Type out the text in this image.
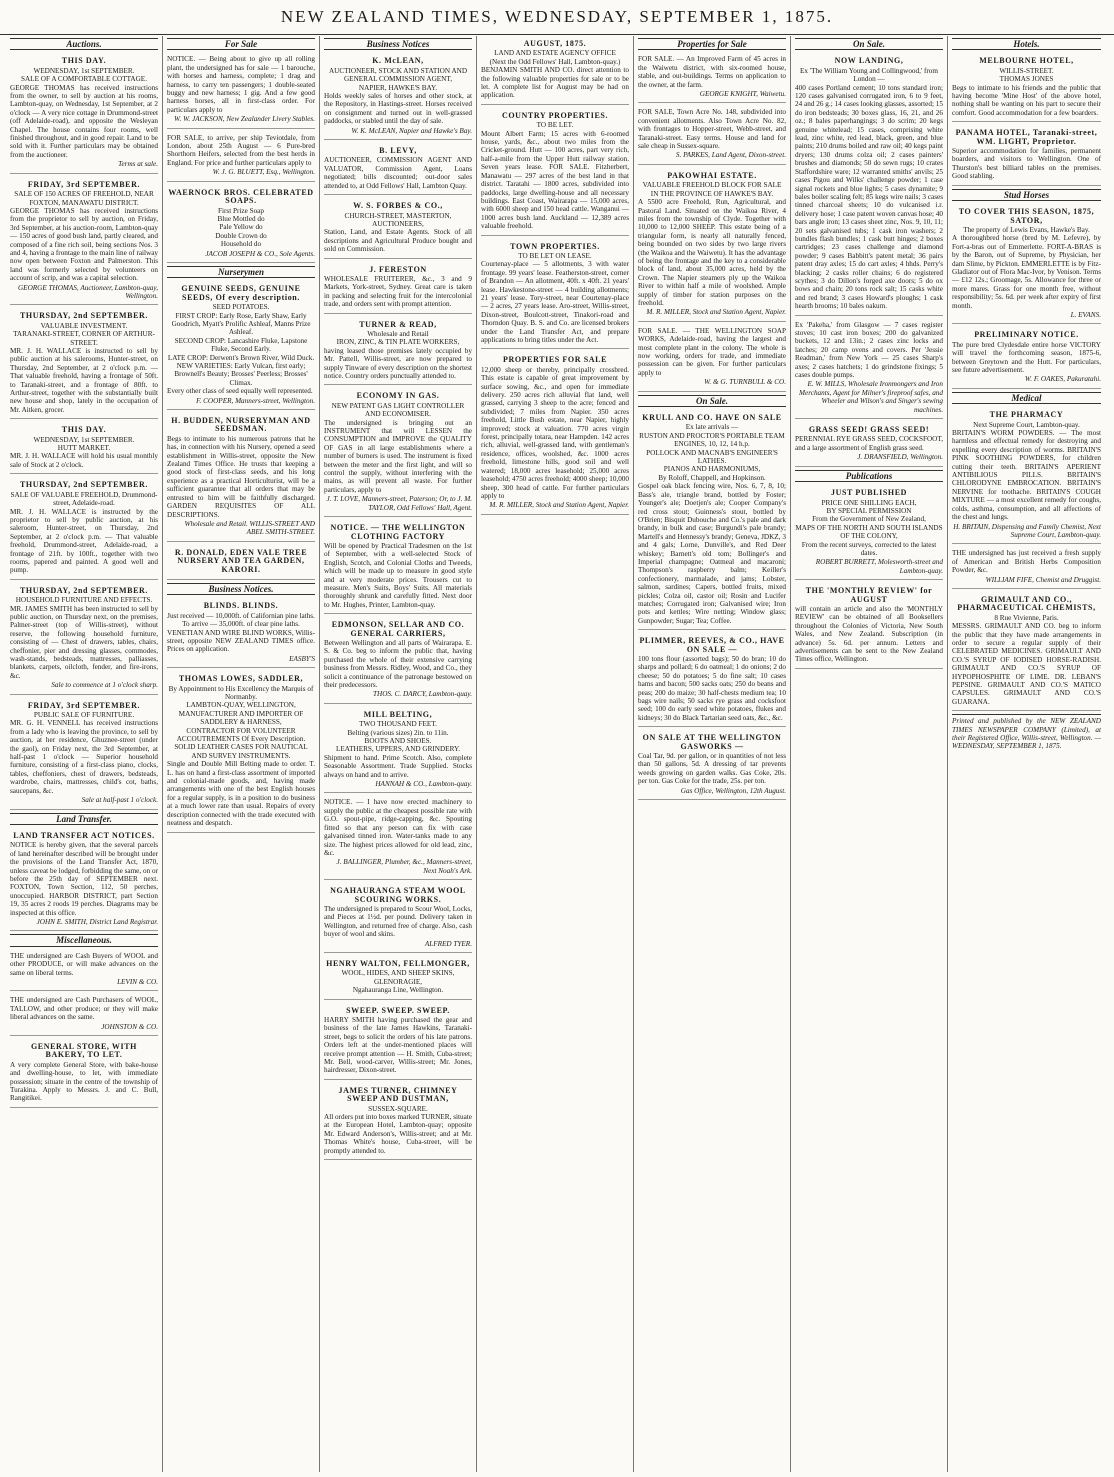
NEW ZEALAND TIMES, WEDNESDAY, SEPTEMBER 1, 1875.
Auctions.
THIS DAY.
WEDNESDAY, 1st SEPTEMBER.
SALE OF A COMFORTABLE COTTAGE.
GEORGE THOMAS has received instructions from the owner, to sell by auction at his rooms, Lambton-quay, on Wednesday, 1st September, at 2 o'clock — A very nice cottage in Drummond-street (off Adelaide-road), and opposite the Wesleyan Chapel. The house contains four rooms, well finished throughout, and in good repair. Land to be sold with it. Further particulars may be obtained from the auctioneer.
Terms at sale.
FRIDAY, 3rd SEPTEMBER.
SALE OF 150 ACRES OF FREEHOLD, NEAR FOXTON, MANAWATU DISTRICT.
GEORGE THOMAS has received instructions from the proprietor to sell by auction, on Friday, 3rd September, at his auction-room, Lambton-quay — 150 acres of good bush land, partly cleared, and composed of a fine rich soil, being sections Nos. 3 and 4, having a frontage to the main line of railway now open between Foxton and Palmerston. This land was formerly selected by volunteers on account of scrip, and was a capital selection.
GEORGE THOMAS, Auctioneer, Lambton-quay, Wellington.
THURSDAY, 2nd SEPTEMBER.
VALUABLE INVESTMENT.
TARANAKI-STREET, CORNER OF ARTHUR-STREET.
MR. J. H. WALLACE is instructed to sell by public auction at his salerooms, Hunter-street, on Thursday, 2nd September, at 2 o'clock p.m. — That valuable freehold, having a frontage of 50ft. to Taranaki-street, and a frontage of 80ft. to Arthur-street, together with the substantially built new house and shop, lately in the occupation of Mr. Aitken, grocer.
THIS DAY.
WEDNESDAY, 1st SEPTEMBER.
HUTT MARKET.
MR. J. H. WALLACE will hold his usual monthly sale of Stock at 2 o'clock.
THURSDAY, 2nd SEPTEMBER.
SALE OF VALUABLE FREEHOLD, Drummond-street, Adelaide-road.
MR. J. H. WALLACE is instructed by the proprietor to sell by public auction, at his saleroom, Hunter-street, on Thursday, 2nd September, at 2 o'clock p.m. — That valuable freehold, Drummond-street, Adelaide-road, a frontage of 21ft. by 100ft., together with two rooms, papered and painted. A good well and pump.
THURSDAY, 2nd SEPTEMBER.
HOUSEHOLD FURNITURE AND EFFECTS.
MR. JAMES SMITH has been instructed to sell by public auction, on Thursday next, on the premises, Palmer-street (top of Willis-street), without reserve, the following household furniture, consisting of — Chest of drawers, tables, chairs, cheffonier, pier and dressing glasses, commodes, wash-stands, bedsteads, mattresses, palliasses, blankets, carpets, oilcloth, fender, and fire-irons, &c.
Sale to commence at 1 o'clock sharp.
FRIDAY, 3rd SEPTEMBER.
PUBLIC SALE OF FURNITURE.
MR. G. H. VENNELL has received instructions from a lady who is leaving the province, to sell by auction, at her residence, Ghuznee-street (under the gaol), on Friday next, the 3rd September, at half-past 1 o'clock — Superior household furniture, consisting of a first-class piano, clocks, tables, cheffoniers, chest of drawers, bedsteads, wardrobe, chairs, mattresses, child's cot, baths, saucepans, &c.
Sale at half-past 1 o'clock.
Land Transfer.
LAND TRANSFER ACT NOTICES.
NOTICE is hereby given, that the several parcels of land hereinafter described will be brought under the provisions of the Land Transfer Act, 1870, unless caveat be lodged, forbidding the same, on or before the 25th day of SEPTEMBER next. FOXTON, Town Section, 112, 50 perches, unoccupied. HARBOR DISTRICT, part Section 19, 35 acres 2 roods 19 perches. Diagrams may be inspected at this office.
JOHN E. SMITH, District Land Registrar.
Miscellaneous.
THE undersigned are Cash Buyers of WOOL and other PRODUCE, or will make advances on the same on liberal terms.
LEVIN & CO.
THE undersigned are Cash Purchasers of WOOL, TALLOW, and other produce; or they will make liberal advances on the same.
JOHNSTON & CO.
GENERAL STORE, WITH BAKERY, TO LET.
A very complete General Store, with bake-house and dwelling-house, to let, with immediate possession; situate in the centre of the township of Turakina. Apply to Messrs. J. and C. Bull, Rangitikei.
For Sale
NOTICE. — Being about to give up all rolling plant, the undersigned has for sale — 1 barouche, with horses and harness, complete; 1 drag and harness, to carry ten passengers; 1 double-seated buggy and new harness; 1 gig. And a few good harness horses, all in first-class order. For particulars apply to
W. W. JACKSON, New Zealander Livery Stables.
FOR SALE, to arrive, per ship Teviotdale, from London, about 25th August — 6 Pure-bred Shorthorn Heifers, selected from the best herds in England. For price and further particulars apply to
W. J. G. BLUETT, Esq., Wellington.
WAERNOCK BROS. CELEBRATED SOAPS.
First Prize Soap
Blue Mottled do
Pale Yellow do
Double Crown do
Household do
JACOB JOSEPH & CO., Sole Agents.
Nurserymen
GENUINE SEEDS, GENUINE SEEDS, Of every description.
SEED POTATOES.
FIRST CROP: Early Rose, Early Shaw, Early Goodrich, Myatt's Prolific Ashleaf, Manns Prize Ashleaf.
SECOND CROP: Lancashire Fluke, Lapstone Fluke, Second Early.
LATE CROP: Derwent's Brown River, Wild Duck.
NEW VARIETIES: Early Vulcan, first early; Brownell's Beauty; Brosses' Peerless; Brosses' Climax.
Every other class of seed equally well represented.
F. COOPER, Manners-street, Wellington.
H. BUDDEN, NURSERYMAN AND SEEDSMAN.
Begs to intimate to his numerous patrons that he has, in connection with his Nursery, opened a seed establishment in Willis-street, opposite the New Zealand Times Office. He trusts that keeping a good stock of first-class seeds, and his long experience as a practical Horticulturist, will be a sufficient guarantee that all orders that may be entrusted to him will be faithfully discharged. GARDEN REQUISITES OF ALL DESCRIPTIONS.
Wholesale and Retail. WILLIS-STREET AND ABEL SMITH-STREET.
R. DONALD, EDEN VALE TREE NURSERY AND TEA GARDEN, KARORI.
Business Notices.
BLINDS. BLINDS.
Just received — 10,000ft. of Californian pine laths.
To arrive — 35,000ft. of clear pine laths.
VENETIAN AND WIRE BLIND WORKS, Willis-street, opposite NEW ZEALAND TIMES office. Prices on application.
EASBY'S
THOMAS LOWES, SADDLER,
By Appointment to His Excellency the Marquis of Normanby.
LAMBTON-QUAY, WELLINGTON,
MANUFACTURER AND IMPORTER OF SADDLERY & HARNESS,
CONTRACTOR FOR VOLUNTEER ACCOUTREMENTS Of Every Description.
SOLID LEATHER CASES FOR NAUTICAL AND SURVEY INSTRUMENTS.
Single and Double Mill Belting made to order. T. L. has on hand a first-class assortment of imported and colonial-made goods, and, having made arrangements with one of the best English houses for a regular supply, is in a position to do business at a much lower rate than usual. Repairs of every description connected with the trade executed with neatness and despatch.
Business Notices
K. McLEAN,
AUCTIONEER, STOCK AND STATION AND GENERAL COMMISSION AGENT,
NAPIER, HAWKE'S BAY.
Holds weekly sales of horses and other stock, at the Repository, in Hastings-street. Horses received on consignment and turned out in well-grassed paddocks, or stabled until the day of sale.
W. K. McLEAN, Napier and Hawke's Bay.
B. LEVY,
AUCTIONEER, COMMISSION AGENT AND VALUATOR, Commission Agent, Loans negotiated; bills discounted; out-door sales attended to, at Odd Fellows' Hall, Lambton Quay.
W. S. FORBES & CO.,
CHURCH-STREET, MASTERTON,
AUCTIONEERS,
Station, Land, and Estate Agents. Stock of all descriptions and Agricultural Produce bought and sold on Commission.
J. FERESTON
WHOLESALE FRUITERER, &c., 3 and 9 Markets, York-street, Sydney. Great care is taken in packing and selecting fruit for the intercolonial trade, and orders sent with prompt attention.
TURNER & READ,
Wholesale and Retail
IRON, ZINC, & TIN PLATE WORKERS,
having leased those premises lately occupied by Mr. Pattell, Willis-street, are now prepared to supply Tinware of every description on the shortest notice. Country orders punctually attended to.
ECONOMY IN GAS.
NEW PATENT GAS LIGHT CONTROLLER AND ECONOMISER.
The undersigned is bringing out an INSTRUMENT that will LESSEN the CONSUMPTION and IMPROVE the QUALITY OF GAS in all large establishments where a number of burners is used. The instrument is fixed between the meter and the first light, and will so control the supply, without interfering with the mains, as will prevent all waste. For further particulars, apply to
J. T. LOVE, Manners-street, Paterson; Or, to J. M. TAYLOR, Odd Fellows' Hall, Agent.
NOTICE. — THE WELLINGTON CLOTHING FACTORY
Will be opened by Practical Tradesmen on the 1st of September, with a well-selected Stock of English, Scotch, and Colonial Cloths and Tweeds, which will be made up to measure in good style and at very moderate prices. Trousers cut to measure. Men's Suits, Boys' Suits. All materials thoroughly shrunk and carefully fitted. Next door to Mr. Hughes, Printer, Lambton-quay.
EDMONSON, SELLAR AND CO. GENERAL CARRIERS,
Between Wellington and all parts of Wairarapa. E. S. & Co. beg to inform the public that, having purchased the whole of their extensive carrying business from Messrs. Ridley, Wood, and Co., they solicit a continuance of the patronage bestowed on their predecessors.
THOS. C. DARCY, Lambton-quay.
MILL BELTING,
TWO THOUSAND FEET.
Belting (various sizes) 2in. to 11in.
BOOTS AND SHOES.
LEATHERS, UPPERS, AND GRINDERY.
Shipment to hand. Prime Scotch. Also, complete Seasonable Assortment. Trade Supplied. Stocks always on hand and to arrive.
HANNAH & CO., Lambton-quay.
NOTICE. — I have now erected machinery to supply the public at the cheapest possible rate with G.O. spout-pipe, ridge-capping, &c. Spouting fitted so that any person can fix with case galvanised tinned iron. Water-tanks made to any size. The highest prices allowed for old lead, zinc, &c.
J. BALLINGER, Plumber, &c., Manners-street, Next Noah's Ark.
NGAHAURANGA STEAM WOOL SCOURING WORKS.
The undersigned is prepared to Scour Wool, Locks, and Pieces at 1½d. per pound. Delivery taken in Wellington, and returned free of charge. Also, cash buyer of wool and skins.
ALFRED TYER.
HENRY WALTON, FELLMONGER,
WOOL, HIDES, AND SHEEP SKINS, GLENORAGIE,
Ngahauranga Line, Wellington.
SWEEP. SWEEP. SWEEP.
HARRY SMITH having purchased the gear and business of the late James Hawkins, Taranaki-street, begs to solicit the orders of his late patrons. Orders left at the under-mentioned places will receive prompt attention — H. Smith, Cuba-street; Mr. Bell, wood-carver, Willis-street; Mr. Jones, hairdresser, Dixon-street.
JAMES TURNER, CHIMNEY SWEEP AND DUSTMAN,
SUSSEX-SQUARE.
All orders put into boxes marked TURNER, situate at the European Hotel, Lambton-quay; opposite Mr. Edward Anderson's, Willis-street; and at Mr. Thomas White's house, Cuba-street, will be promptly attended to.
AUGUST, 1875.
LAND AND ESTATE AGENCY OFFICE
(Next the Odd Fellows' Hall, Lambton-quay.)
BENJAMIN SMITH AND CO. direct attention to the following valuable properties for sale or to be let. A complete list for August may be had on application.
COUNTRY PROPERTIES.
TO BE LET.
Mount Albert Farm; 15 acres with 6-roomed house, yards, &c., about two miles from the Cricket-ground. Hutt — 100 acres, part very rich, half-a-mile from the Upper Hutt railway station. Seven years lease. FOR SALE. Fitzherbert, Manawatu — 297 acres of the best land in that district. Taratahi — 1800 acres, subdivided into paddocks, large dwelling-house and all necessary buildings. East Coast, Wairarapa — 15,000 acres, with 6000 sheep and 150 head cattle. Wanganui — 1000 acres bush land. Auckland — 12,389 acres valuable freehold.
TOWN PROPERTIES.
TO BE LET ON LEASE.
Courtenay-place — 5 allotments, 3 with water frontage. 99 years' lease. Featherston-street, corner of Brandon — An allotment, 40ft. x 40ft. 21 years' lease. Hawkestone-street — 4 building allotments; 21 years' lease. Tory-street, near Courtenay-place — 2 acres, 27 years lease. Aro-street, Willis-street, Dixon-street, Boulcott-street, Tinakori-road and Thorndon Quay. B. S. and Co. are licensed brokers under the Land Transfer Act, and prepare applications to bring titles under the Act.
PROPERTIES FOR SALE
12,000 sheep or thereby, principally crossbred. This estate is capable of great improvement by surface sowing, &c., and open for immediate delivery. 250 acres rich alluvial flat land, well grassed, carrying 3 sheep to the acre; fenced and subdivided; 7 miles from Napier. 350 acres freehold, Little Bush estate, near Napier, highly improved; stock at valuation. 770 acres virgin forest, principally totara, near Hampden. 142 acres rich, alluvial, well-grassed land, with gentleman's residence, offices, woolshed, &c. 1000 acres freehold, limestone hills, good soil and well watered; 18,000 acres leasehold; 25,000 acres leasehold; 4750 acres freehold; 4000 sheep; 10,000 sheep, 300 head of cattle. For further particulars apply to
M. R. MILLER, Stock and Station Agent, Napier.
Properties for Sale
FOR SALE. — An Improved Farm of 45 acres in the Waiwetu district, with six-roomed house, stable, and out-buildings. Terms on application to the owner, at the farm.
GEORGE KNIGHT, Waiwetu.
FOR SALE, Town Acre No. 148, subdivided into convenient allotments. Also Town Acre No. 82, with frontages to Hopper-street, Webb-street, and Taranaki-street. Easy terms. House and land for sale cheap in Sussex-square.
S. PARKES, Land Agent, Dixon-street.
PAKOWHAI ESTATE.
VALUABLE FREEHOLD BLOCK FOR SALE
IN THE PROVINCE OF HAWKE'S BAY.
A 5500 acre Freehold, Run, Agricultural, and Pastoral Land. Situated on the Waikoa River, 4 miles from the township of Clyde. Together with 10,000 to 12,000 SHEEP. This estate being of a triangular form, is nearly all naturally fenced, being bounded on two sides by two large rivers (the Waikoa and the Waiwetu). It has the advantage of being the frontage and the key to a considerable block of land, about 35,000 acres, held by the Crown. The Napier steamers ply up the Waikoa River to within half a mile of woolshed. Ample supply of timber for station purposes on the freehold.
M. R. MILLER, Stock and Station Agent, Napier.
FOR SALE. — THE WELLINGTON SOAP WORKS, Adelaide-road, having the largest and most complete plant in the colony. The whole is now working, orders for trade, and immediate possession can be given. For further particulars apply to
W. & G. TURNBULL & CO.
On Sale.
KRULL AND CO. HAVE ON SALE
Ex late arrivals —
RUSTON AND PROCTOR'S PORTABLE TEAM ENGINES, 10, 12, 14 h.p.
POLLOCK AND MACNAB'S ENGINEER'S LATHES.
PIANOS AND HARMONIUMS,
By Roloff, Chappell, and Hopkinson.
Gospel oak black fencing wire, Nos. 6, 7, 8, 10; Bass's ale, triangle brand, bottled by Foster; Younger's ale; Doetjen's ale; Cooper Company's red cross stout; Guinness's stout, bottled by O'Brien; Bisquit Dubouche and Co.'s pale and dark brandy, in bulk and case; Burgundi's pale brandy; Martell's and Hennessy's brandy; Geneva, JDKZ, 3 and 4 gals; Lorne, Dunville's, and Red Deer whiskey; Barnett's old tom; Bollinger's and Imperial champagne; Oatmeal and macaroni; Thompson's raspberry balm; Keiller's confectionery, marmalade, and jams; Lobster, salmon, sardines; Capers, bottled fruits, mixed pickles; Colza oil, castor oil; Rosin and Lucifer matches; Corrugated iron; Galvanised wire; Iron pots and kettles; Wire netting; Window glass; Gunpowder; Sugar; Tea; Coffee.
PLIMMER, REEVES, & CO., HAVE ON SALE —
100 tons flour (assorted bags); 50 do bran; 10 do sharps and pollard; 6 do oatmeal; 1 do onions; 2 do cheese; 50 do potatoes; 5 do fine salt; 10 cases hams and bacon; 500 sacks oats; 250 do beans and peas; 200 do maize; 30 half-chests medium tea; 10 bags wire nails; 50 sacks rye grass and cocksfoot seed; 100 do early seed white potatoes, flukes and kidneys; 30 do Black Tartarian seed oats, &c., &c.
ON SALE AT THE WELLINGTON GASWORKS —
Coal Tar, 9d. per gallon, or in quantities of not less than 50 gallons, 5d. A dressing of tar prevents weeds growing on garden walks. Gas Coke, 20s. per ton. Gas Coke for the trade, 25s. per ton.
Gas Office, Wellington, 12th August.
On Sale.
NOW LANDING,
Ex 'The William Young and Collingwood,' from London —
400 cases Portland cement; 10 tons standard iron; 120 cases galvanised corrugated iron, 6 to 9 feet, 24 and 26 g.; 14 cases looking glasses, assorted; 15 do iron bedsteads; 30 boxes glass, 16, 21, and 26 oz.; 8 bales paperhangings; 3 do scrim; 20 kegs genuine whitelead; 15 cases, comprising white lead, zinc white, red lead, black, green, and blue paints; 210 drums boiled and raw oil; 40 kegs paint dryers; 130 drums colza oil; 2 cases painters' brushes and diamonds; 50 do sewn rugs; 10 crates Staffordshire ware; 12 warranted smiths' anvils; 25 cases Pigou and Wilks' challenge powder; 1 case signal rockets and blue lights; 5 cases dynamite; 9 bales boiler scaling felt; 85 kegs wire nails; 3 cases tinned charcoal sheets; 10 do vulcanised i.r. delivery hose; 1 case patent woven canvas hose; 40 bars angle iron; 13 cases sheet zinc, Nos. 9, 10, 11; 20 sets galvanised tubs; 1 cask iron washers; 2 bundles flash bundles; 1 cask butt hinges; 2 boxes cartridges; 23 cases challenge and diamond powder; 9 cases Babbitt's patent metal; 36 pairs patent dray axles; 15 do cart axles; 4 hhds. Perry's blacking; 2 casks roller chains; 6 do registered scythes; 3 do Dillon's forged axe doors; 5 do ox bows and chain; 20 tons rock salt; 15 casks white and red brand; 3 cases Howard's ploughs; 1 cask hearth brooms; 10 bales oakum.
Ex 'Pakeha,' from Glasgow — 7 cases register stoves; 10 cast iron boxes; 200 do galvanized buckets, 12 and 13in.; 2 cases zinc locks and latches; 20 camp ovens and covers. Per 'Jessie Readman,' from New York — 25 cases Sharp's axes; 2 cases hatchets; 1 do grindstone fixings; 5 cases double pumps.
E. W. MILLS, Wholesale Ironmongers and Iron Merchants, Agent for Milner's fireproof safes, and Wheeler and Wilson's and Singer's sewing machines.
GRASS SEED! GRASS SEED!
PERENNIAL RYE GRASS SEED, COCKSFOOT, and a large assortment of English grass seed.
J. DRANSFIELD, Wellington.
Publications
JUST PUBLISHED
PRICE ONE SHILLING EACH,
BY SPECIAL PERMISSION
From the Government of New Zealand,
MAPS OF THE NORTH AND SOUTH ISLANDS OF THE COLONY,
From the recent surveys, corrected to the latest dates.
ROBERT BURRETT, Molesworth-street and Lambton-quay.
THE 'MONTHLY REVIEW' for AUGUST
will contain an article and also the 'MONTHLY REVIEW' can be obtained of all Booksellers throughout the Colonies of Victoria, New South Wales, and New Zealand. Subscription (in advance) 5s. 6d. per annum. Letters and advertisements can be sent to the New Zealand Times office, Wellington.
Hotels.
MELBOURNE HOTEL,
WILLIS-STREET.
THOMAS JONES
Begs to intimate to his friends and the public that having become 'Mine Host' of the above hotel, nothing shall be wanting on his part to secure their comfort. Good accommodation for a few boarders.
PANAMA HOTEL, Taranaki-street, WM. LIGHT, Proprietor.
Superior accommodation for families, permanent boarders, and visitors to Wellington. One of Thurston's best billiard tables on the premises. Good stabling.
Stud Horses
TO COVER THIS SEASON, 1875, SATOR,
The property of Lewis Evans, Hawke's Bay.
A thoroughbred horse (bred by M. Lefevre), by Fort-a-bras out of Emmerlette. FORT-A-BRAS is by the Baron, out of Supreme, by Physician, her dam Slime, by Pickton. EMMERLETTE is by Fitz-Gladiator out of Flora Mac-Ivor, by Venison. Terms — £12 12s.; Groomage, 5s. Allowance for three or more mares. Grass for one month free, without responsibility; 5s. 6d. per week after expiry of first month.
L. EVANS.
PRELIMINARY NOTICE.
The pure bred Clydesdale entire horse VICTORY will travel the forthcoming season, 1875-6, between Greytown and the Hutt. For particulars, see future advertisement.
W. F. OAKES, Pakuratahi.
Medical
THE PHARMACY
Next Supreme Court, Lambton-quay.
BRITAIN'S WORM POWDERS. — The most harmless and effectual remedy for destroying and expelling every description of worms. BRITAIN'S PINK SOOTHING POWDERS, for children cutting their teeth. BRITAIN'S APERIENT ANTIBILIOUS PILLS. BRITAIN'S CHLORODYNE EMBROCATION. BRITAIN'S NERVINE for toothache. BRITAIN'S COUGH MIXTURE — a most excellent remedy for coughs, colds, asthma, consumption, and all affections of the chest and lungs.
H. BRITAIN, Dispensing and Family Chemist, Next Supreme Court, Lambton-quay.
THE undersigned has just received a fresh supply of American and British Herbs Composition Powder, &c.
WILLIAM FIFE, Chemist and Druggist.
GRIMAULT AND CO., PHARMACEUTICAL CHEMISTS,
8 Rue Vivienne, Paris.
MESSRS. GRIMAULT AND CO. beg to inform the public that they have made arrangements in order to secure a regular supply of their CELEBRATED MEDICINES. GRIMAULT AND CO.'S SYRUP OF IODISED HORSE-RADISH. GRIMAULT AND CO.'S SYRUP OF HYPOPHOSPHITE OF LIME. DR. LEBAN'S PEPSINE. GRIMAULT AND CO.'S MATICO CAPSULES. GRIMAULT AND CO.'S GUARANA.
Printed and published by the NEW ZEALAND TIMES NEWSPAPER COMPANY (Limited), at their Registered Office, Willis-street, Wellington. — WEDNESDAY, SEPTEMBER 1, 1875.
